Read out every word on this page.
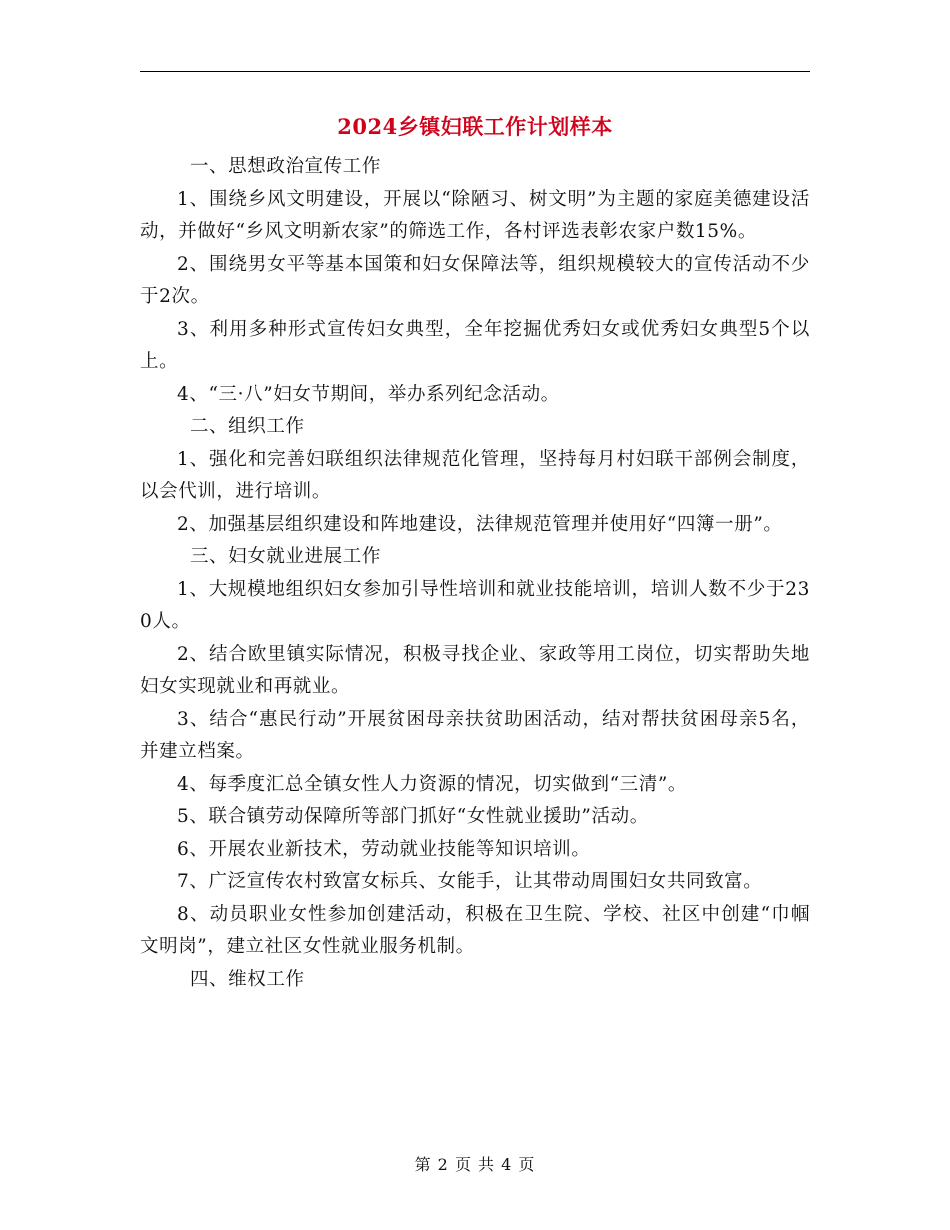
2024乡镇妇联工作计划样本

一、思想政治宣传工作

1、围绕乡风文明建设，开展以“除陋习、树文明”为主题的家庭美德建设活动，并做好“乡风文明新农家”的筛选工作，各村评选表彰农家户数15%。

2、围绕男女平等基本国策和妇女保障法等，组织规模较大的宣传活动不少于2次。

3、利用多种形式宣传妇女典型，全年挖掘优秀妇女或优秀妇女典型5个以上。

4、“三·八”妇女节期间，举办系列纪念活动。

二、组织工作

1、强化和完善妇联组织法律规范化管理，坚持每月村妇联干部例会制度，以会代训，进行培训。

2、加强基层组织建设和阵地建设，法律规范管理并使用好“四簿一册”。

三、妇女就业进展工作

1、大规模地组织妇女参加引导性培训和就业技能培训，培训人数不少于230人。

2、结合欧里镇实际情况，积极寻找企业、家政等用工岗位，切实帮助失地妇女实现就业和再就业。

3、结合“惠民行动”开展贫困母亲扶贫助困活动，结对帮扶贫困母亲5名，并建立档案。

4、每季度汇总全镇女性人力资源的情况，切实做到“三清”。

5、联合镇劳动保障所等部门抓好“女性就业援助”活动。

6、开展农业新技术，劳动就业技能等知识培训。

7、广泛宣传农村致富女标兵、女能手，让其带动周围妇女共同致富。

8、动员职业女性参加创建活动，积极在卫生院、学校、社区中创建“巾帼文明岗”，建立社区女性就业服务机制。

四、维权工作

第 2 页 共 4 页
